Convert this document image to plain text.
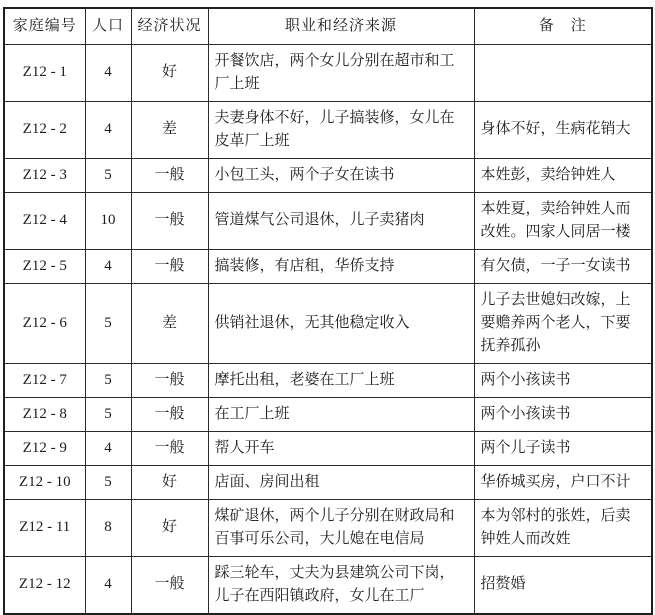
家庭编号	人口	经济状况	职业和经济来源	备　注
Z12 - 1	4	好	开餐饮店，两个女儿分别在超市和工厂上班	
Z12 - 2	4	差	夫妻身体不好，儿子搞装修，女儿在皮革厂上班	身体不好，生病花销大
Z12 - 3	5	一般	小包工头，两个子女在读书	本姓彭，卖给钟姓人
Z12 - 4	10	一般	管道煤气公司退休，儿子卖猪肉	本姓夏，卖给钟姓人而改姓。四家人同居一楼
Z12 - 5	4	一般	搞装修，有店租，华侨支持	有欠债，一子一女读书
Z12 - 6	5	差	供销社退休，无其他稳定收入	儿子去世媳妇改嫁，上要赡养两个老人，下要抚养孤孙
Z12 - 7	5	一般	摩托出租，老婆在工厂上班	两个小孩读书
Z12 - 8	5	一般	在工厂上班	两个小孩读书
Z12 - 9	4	一般	帮人开车	两个儿子读书
Z12 - 10	5	好	店面、房间出租	华侨城买房，户口不计
Z12 - 11	8	好	煤矿退休，两个儿子分别在财政局和百事可乐公司，大儿媳在电信局	本为邻村的张姓，后卖钟姓人而改姓
Z12 - 12	4	一般	踩三轮车，丈夫为县建筑公司下岗，儿子在西阳镇政府，女儿在工厂	招赘婚
